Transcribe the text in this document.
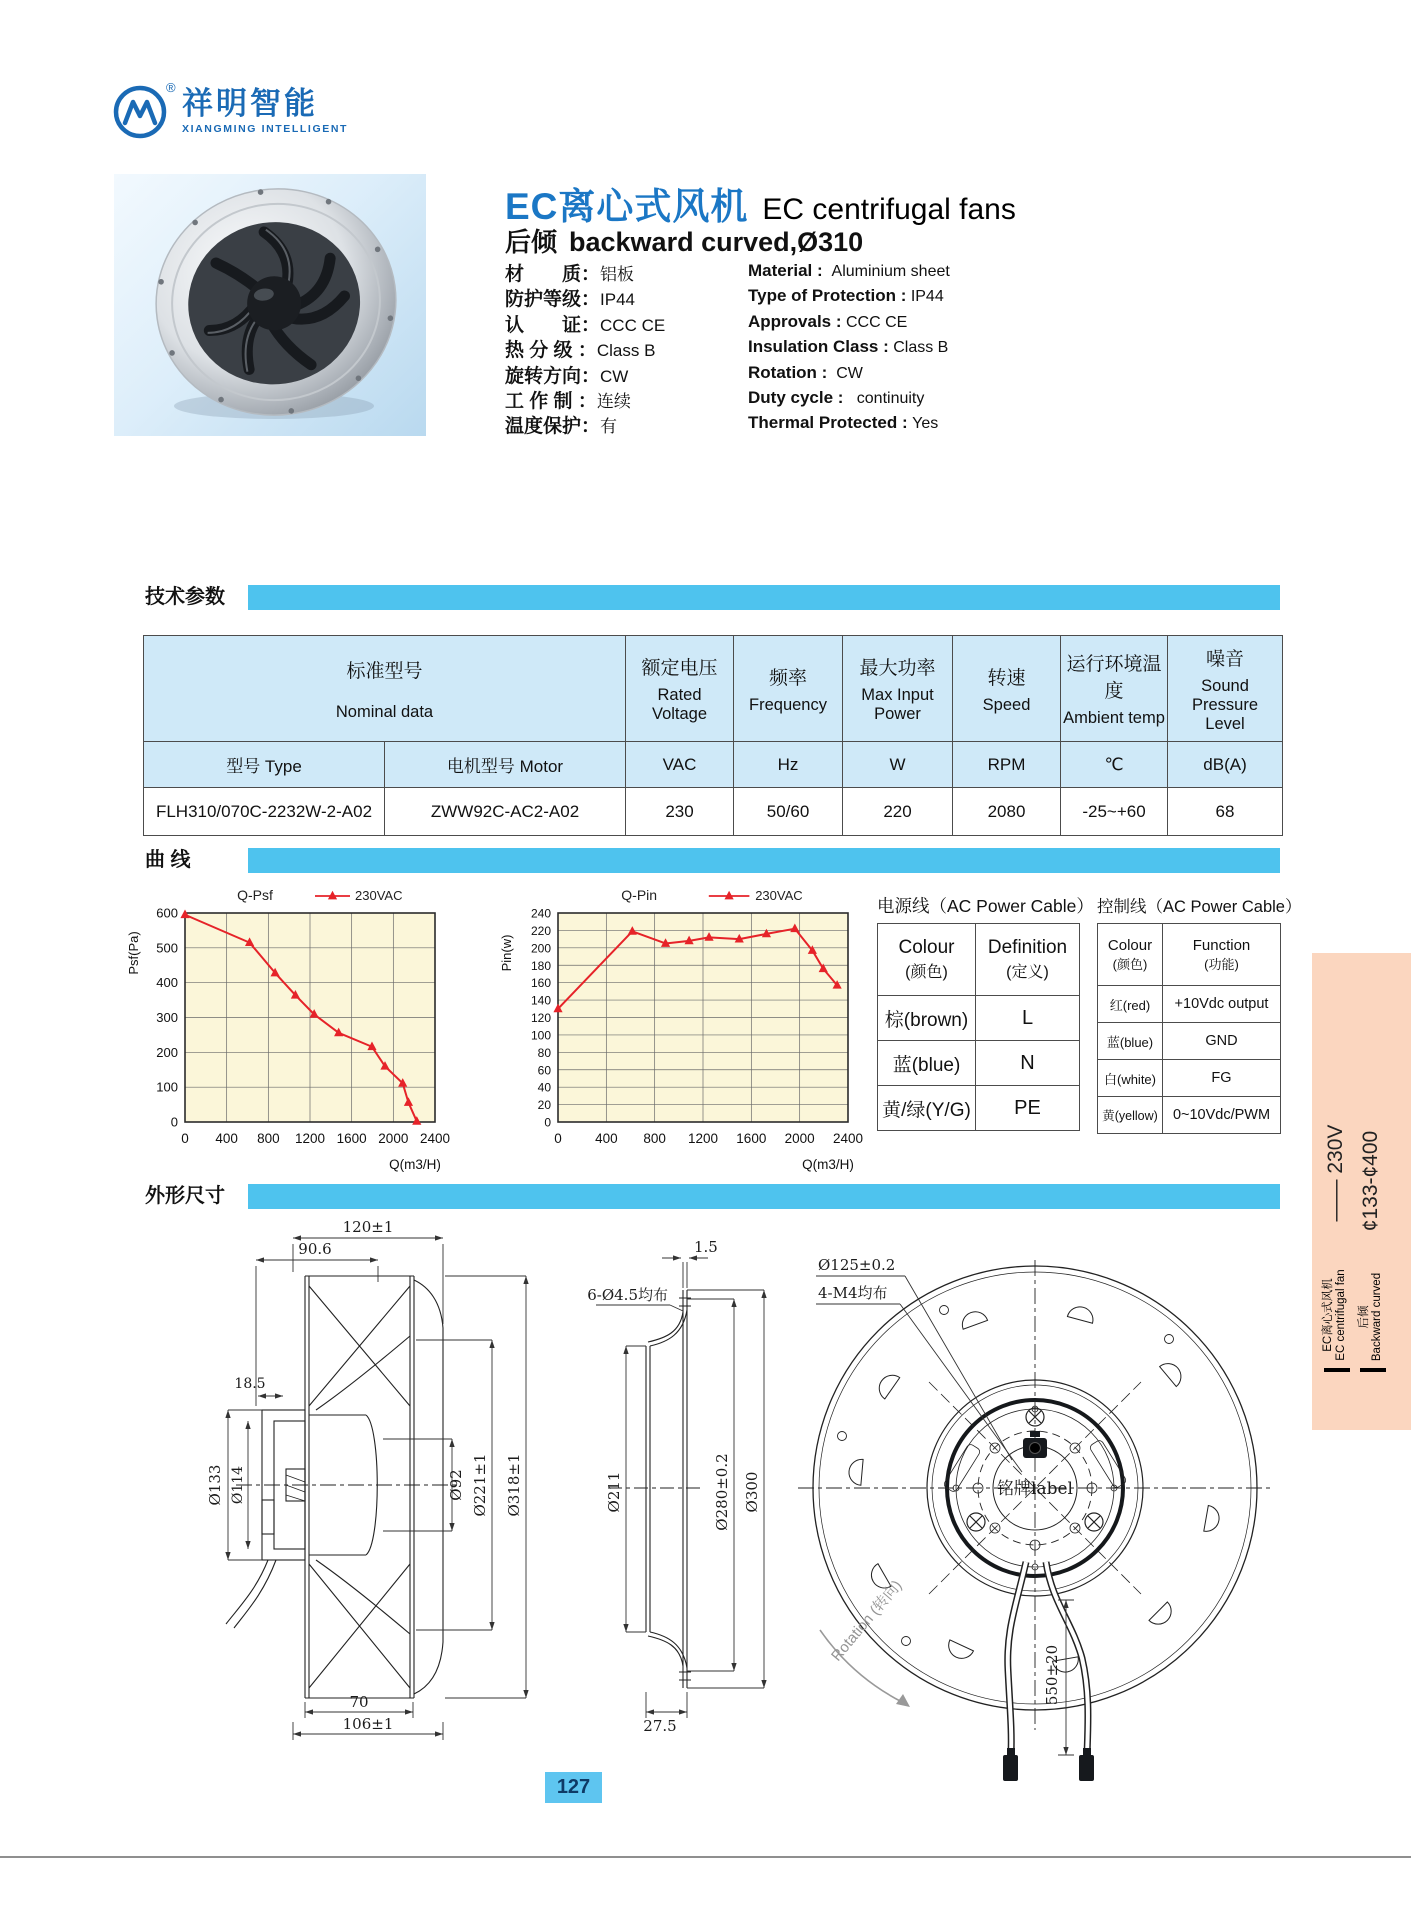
祥明智能
XIANGMING INTELLIGENT
®
EC离心式风机 EC centrifugal fans
后倾 backward curved,Ø310
材　　质：铝板
防护等级：IP44
认　　证：CCC CE
热 分 级 ：Class B
旋转方向：CW
工 作 制 ：连续
温度保护：有
Material : Aluminium sheet
Type of Protection : IP44
Approvals : CCC CE
Insulation Class : Class B
Rotation : CW
Duty cycle : continuity
Thermal Protected : Yes
技术参数
标准型号
Nominal data

额定电压
Rated Voltage

频率
Frequency

最大功率
Max Input Power

转速
Speed

运行环境温度
Ambient temp

噪音
Sound Pressure Level

型号 Type	电机型号 Motor	VAC	Hz	W	RPM	℃	dB(A)
FLH310/070C-2232W-2-A02	ZWW92C-AC2-A02	230	50/60	220	2080	-25~+60	68
曲 线
0 400 800 1200 1600 2000 2400
0
100
200
300
400
500
600
Q-Psf	230VAC
Psf(Pa)
Q(m3/H)
0 400 800 1200 1600 2000 2400
0
20
40
60
80
100
120
140
160
180
200
220
240
Q-Pin	230VAC
Pin(w)
Q(m3/H)
电源线（AC Power Cable）
Colour
(颜色)

Definition
(定义)

棕(brown)	L
蓝(blue)	N
黄/绿(Y/G)	PE
控制线（AC Power Cable）
Colour
(颜色)

Function
(功能)

红(red)	+10Vdc output
蓝(blue)	GND
白(white)	FG
黄(yellow)	0~10Vdc/PWM
—— 230V ¢133-¢400
EC离心式风机 EC centrifugal fan 后倾 Backward curved
外形尺寸
120±1
90.6
18.5
Ø133 Ø114	Ø92 Ø221±1 Ø318±1
70
106±1
1.5
6-Ø4.5均布
Ø211	Ø280±0.2 Ø300
27.5
Ø125±0.2
4-M4均布
铭牌label
550±20
Rotation (转向)
127
